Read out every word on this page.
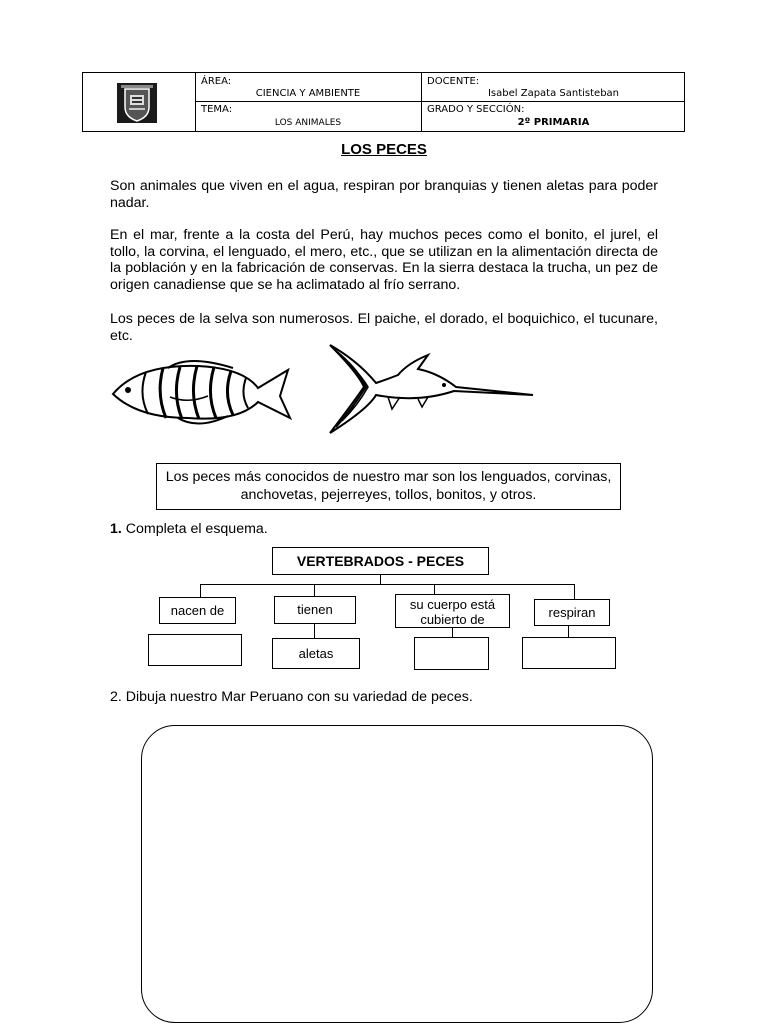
ÁREA:
CIENCIA Y AMBIENTE
DOCENTE:
Isabel Zapata Santisteban
TEMA:
LOS ANIMALES
GRADO Y SECCIÓN:
2º PRIMARIA
LOS PECES
Son animales que viven en el agua, respiran por branquias y tienen aletas para poder nadar.
En el mar, frente a la costa del Perú, hay muchos peces como el bonito, el jurel, el tollo, la corvina, el lenguado, el mero, etc., que se utilizan en la alimentación directa de la población y en la fabricación de conservas. En la sierra destaca la trucha, un pez de origen canadiense que se ha aclimatado al frío serrano.
Los peces de la selva son numerosos. El paiche, el dorado, el boquichico, el tucunare, etc.
Los peces más conocidos de nuestro mar son los lenguados, corvinas, anchovetas, pejerreyes, tollos, bonitos, y otros.
1. Completa el esquema.
VERTEBRADOS - PECES
nacen de	tienen	su cuerpo está
cubierto de	respiran
aletas
2. Dibuja nuestro Mar Peruano con su variedad de peces.
